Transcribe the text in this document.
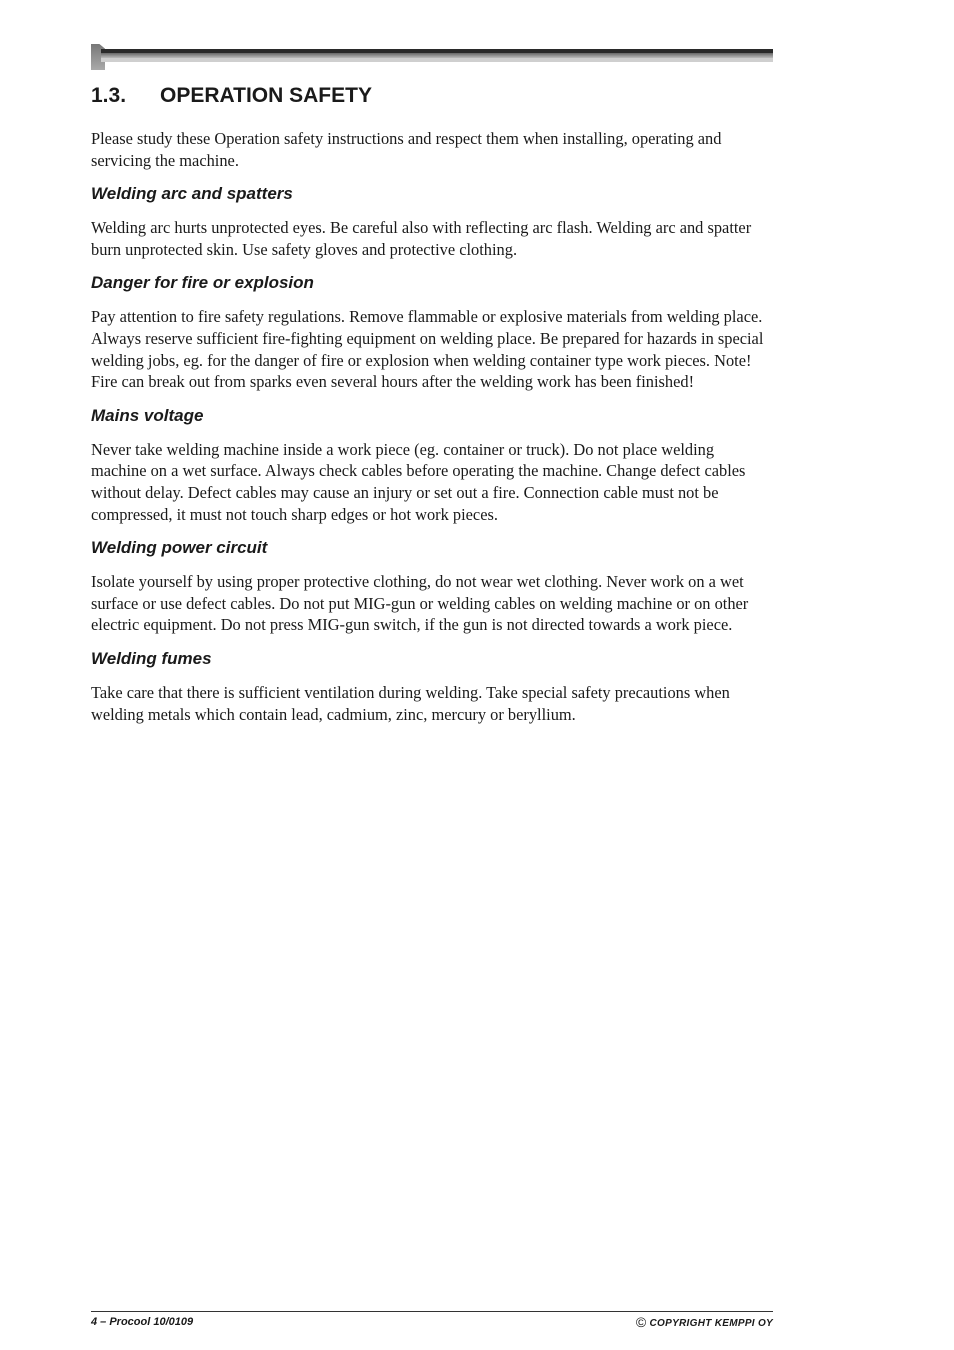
1.3.	OPERATION SAFETY

Please study these Operation safety instructions and respect them when installing, operating and servicing the machine.

Welding arc and spatters

Welding arc hurts unprotected eyes. Be careful also with reflecting arc flash. Welding arc and spatter burn unprotected skin. Use safety gloves and protective clothing.

Danger for fire or explosion

Pay attention to fire safety regulations. Remove flammable or explosive materials from welding place. Always reserve sufficient fire-fighting equipment on welding place. Be prepared for hazards in special welding jobs, eg. for the danger of fire or explosion when welding container type work pieces. Note! Fire can break out from sparks even several hours after the welding work has been finished!

Mains voltage

Never take welding machine inside a work piece (eg. container or truck). Do not place welding machine on a wet surface. Always check cables before operating the machine. Change defect cables without delay. Defect cables may cause an injury or set out a fire. Connection cable must not be compressed, it must not touch sharp edges or hot work pieces.

Welding power circuit

Isolate yourself by using proper protective clothing, do not wear wet clothing. Never work on a wet surface or use defect cables. Do not put MIG-gun or welding cables on welding machine or on other electric equipment. Do not press MIG-gun switch, if the gun is not directed towards a work piece.

Welding fumes

Take care that there is sufficient ventilation during welding. Take special safety precautions when welding metals which contain lead, cadmium, zinc, mercury or beryllium.

4 – Procool 10/0109	© COPYRIGHT KEMPPI OY
